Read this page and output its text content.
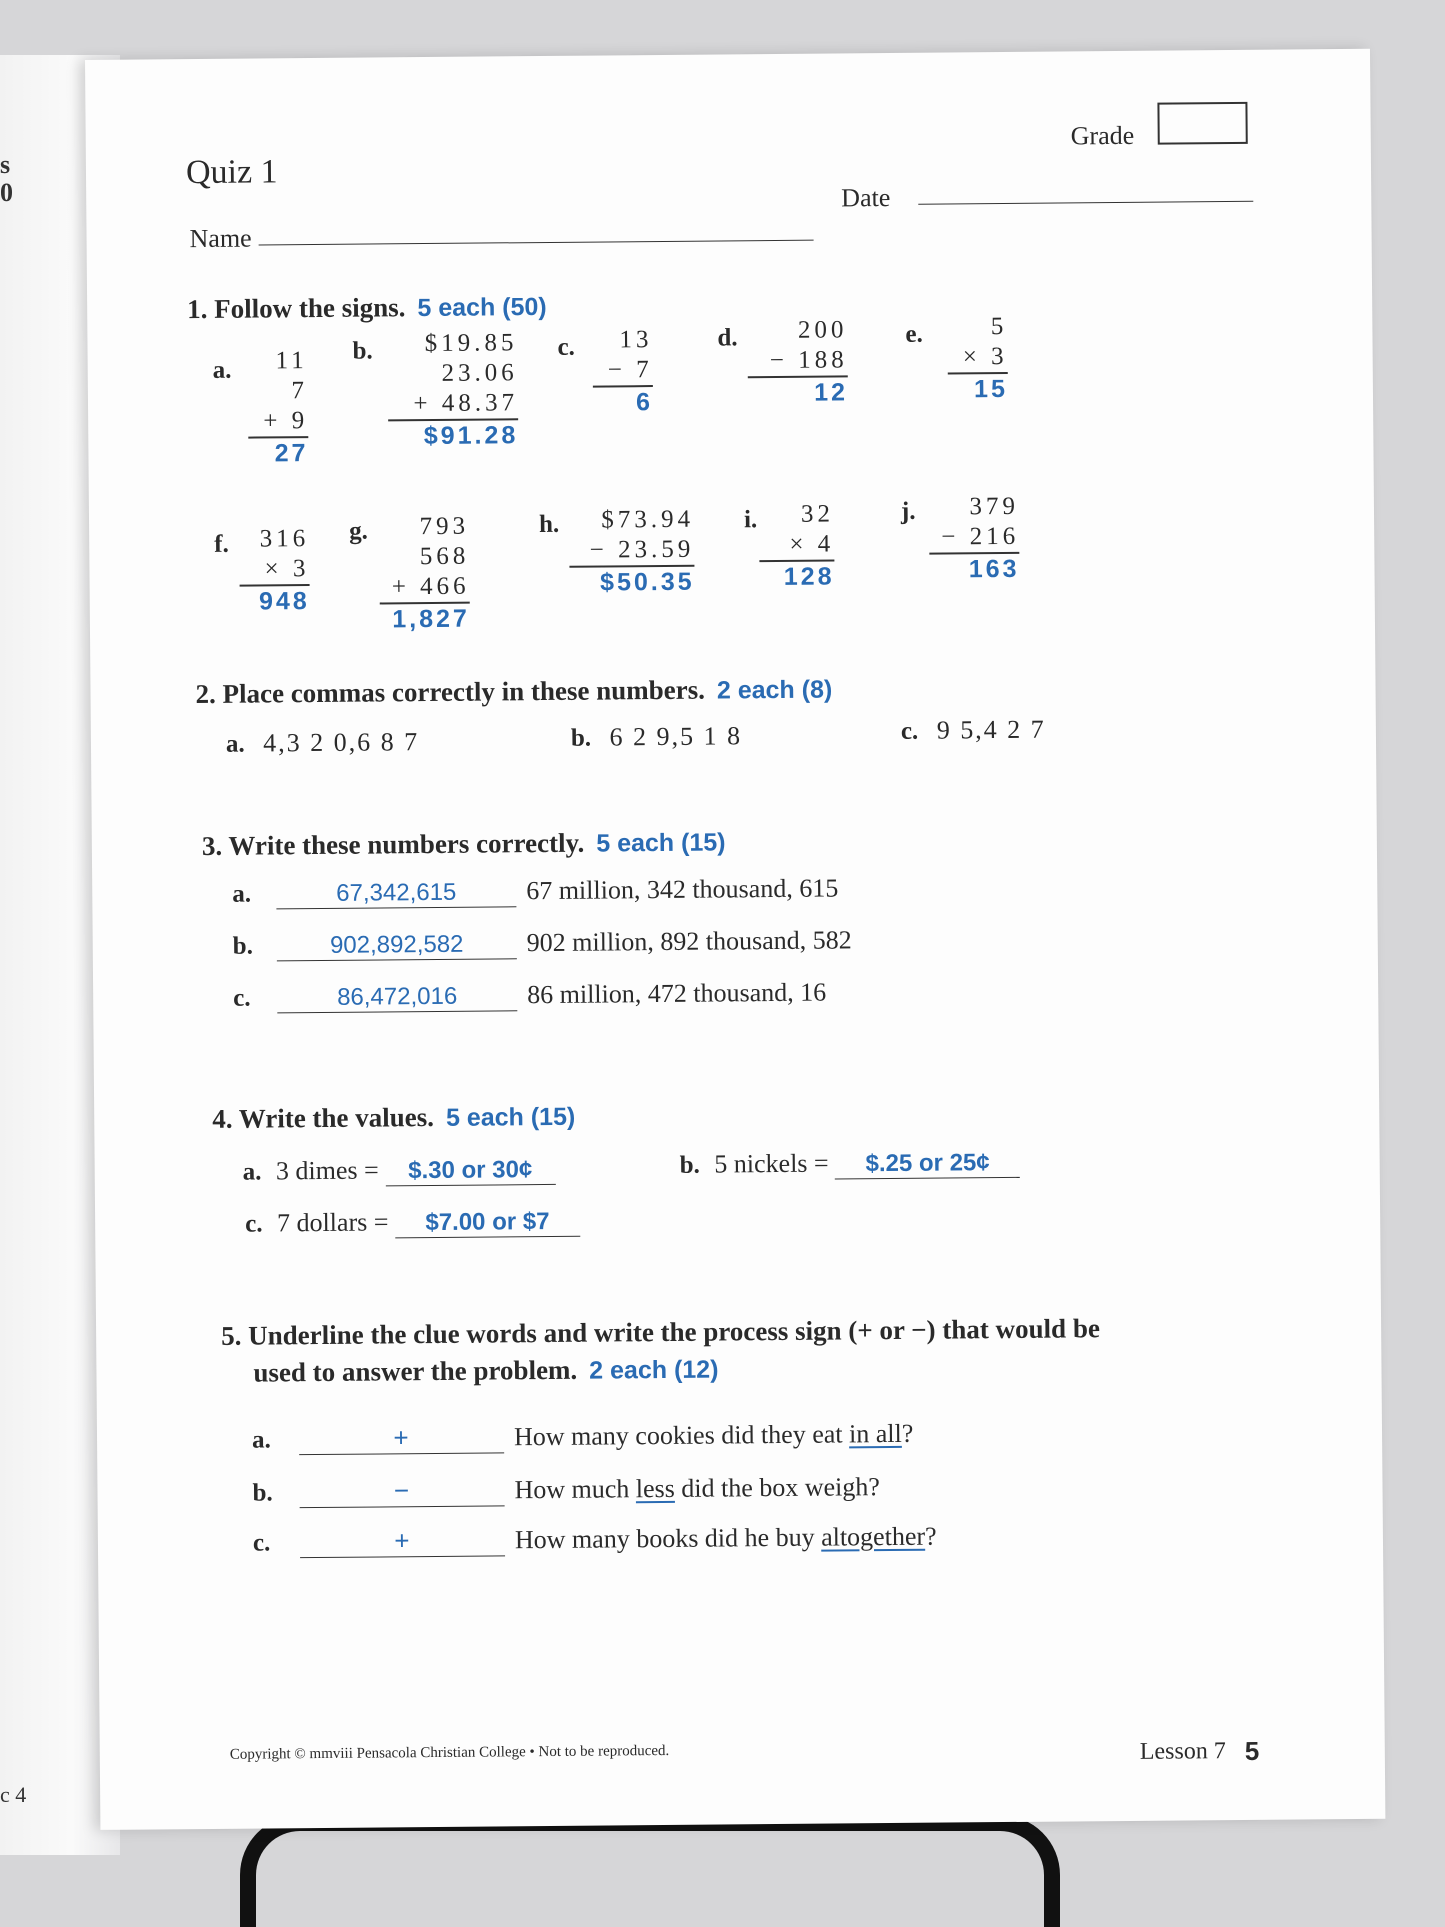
s
0
c 4
Quiz 1
Name
Date
Grade
1. Follow the signs. 5 each (50)
a.	11
7
+ 9
27
b.	$19.85
23.06
+ 48.37
$91.28
c.	13
− 7
6
d.	200
− 188
12
e.	5
× 3
15
f.	316
× 3
948
g.	793
568
+ 466
1,827
h.	$73.94
− 23.59
$50.35
i.	32
× 4
128
j.	379
− 216
163
2. Place commas correctly in these numbers. 2 each (8)
a. 4,3 2 0,6 8 7	b. 6 2 9,5 1 8	c. 9 5,4 2 7
3. Write these numbers correctly. 5 each (15)
a.	67,342,615	67 million, 342 thousand, 615
b.	902,892,582 902 million, 892 thousand, 582
c.	86,472,016	86 million, 472 thousand, 16
4. Write the values. 5 each (15)
a. 3 dimes = $.30 or 30¢	b. 5 nickels = $.25 or 25¢
c. 7 dollars = $7.00 or $7
5. Underline the clue words and write the process sign (+ or −) that would be
used to answer the problem. 2 each (12)
a.	+	How many cookies did they eat in all?
b.	−	How much less did the box weigh?
c.	+	How many books did he buy altogether?
Copyright © mmviii Pensacola Christian College • Not to be reproduced.	Lesson 7 5
